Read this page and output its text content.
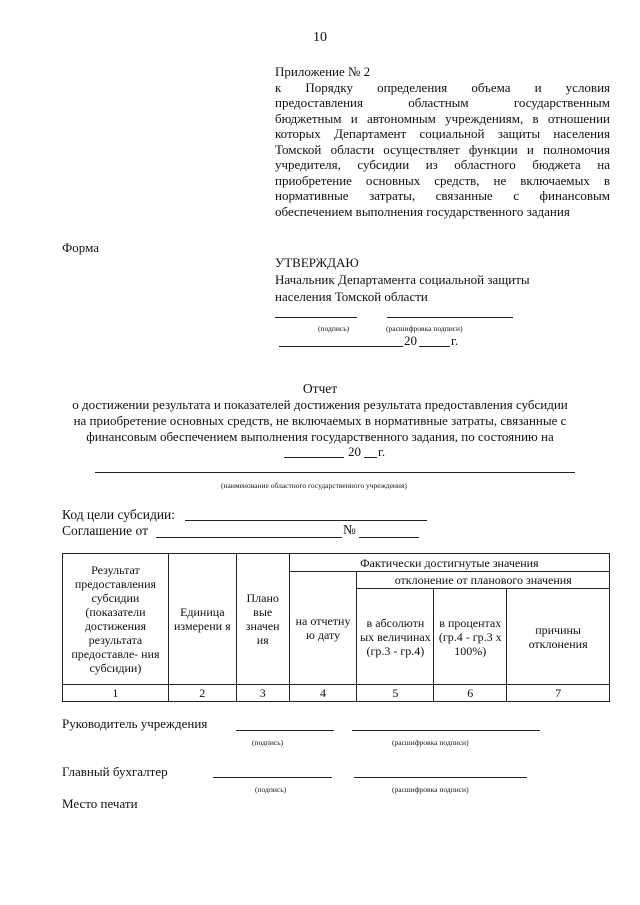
10
Приложение № 2
к Порядку определения объема и условия
предоставления областным государственным
бюджетным и автономным учреждениям, в отношении
которых Департамент социальной защиты населения
Томской области осуществляет функции и полномочия
учредителя, субсидии из областного бюджета на
приобретение основных средств, не включаемых в
нормативные затраты, связанные с финансовым
обеспечением выполнения государственного задания
Форма
УТВЕРЖДАЮ
Начальник Департамента социальной защиты
населения Томской области
(подпись)	(расшифровка подписи)
20	г.
Отчет
о достижении результата и показателей достижения результата предоставления субсидии
на приобретение основных средств, не включаемых в нормативные затраты, связанные с
финансовым обеспечением выполнения государственного задания, по состоянию на
20 г.
(наименование областного государственного учреждения)
Код цели субсидии:
Соглашение от	№
Результат предоставления субсидии (показатели достижения результата предоставле- ния субсидии)	Единица измерени я	Плано вые значен ия	Фактически достигнутые значения			
			на отчетну ю дату	отклонение от планового значения		
				в абсолютн ых величинах (гр.3 - гр.4)	в процентах (гр.4 - гр.3 х 100%)	причины отклонения
1	2	3	4	5	6	7
Руководитель учреждения
(подпись)	(расшифровка подписи)
Главный бухгалтер
(подпись)	(расшифровка подписи)
Место печати
